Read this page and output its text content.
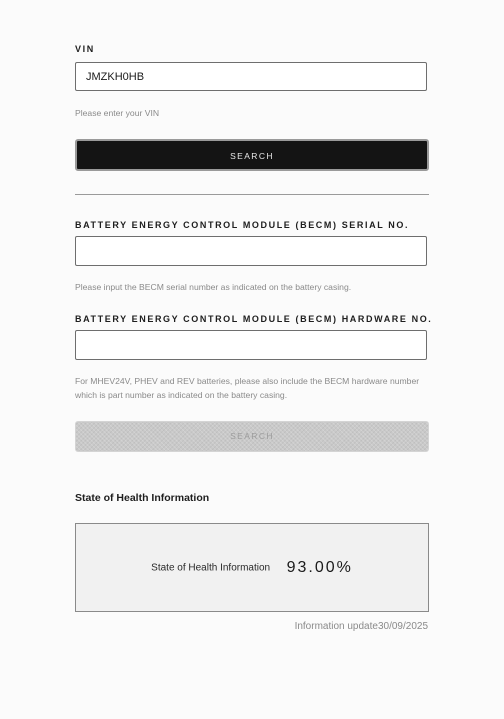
VIN
JMZKH0HB
Please enter your VIN
SEARCH
BATTERY ENERGY CONTROL MODULE (BECM) SERIAL NO.
Please input the BECM serial number as indicated on the battery casing.
BATTERY ENERGY CONTROL MODULE (BECM) HARDWARE NO.
For MHEV24V, PHEV and REV batteries, please also include the BECM hardware number which is part number as indicated on the battery casing.
SEARCH
State of Health Information
State of Health Information 93.00%
Information update30/09/2025
